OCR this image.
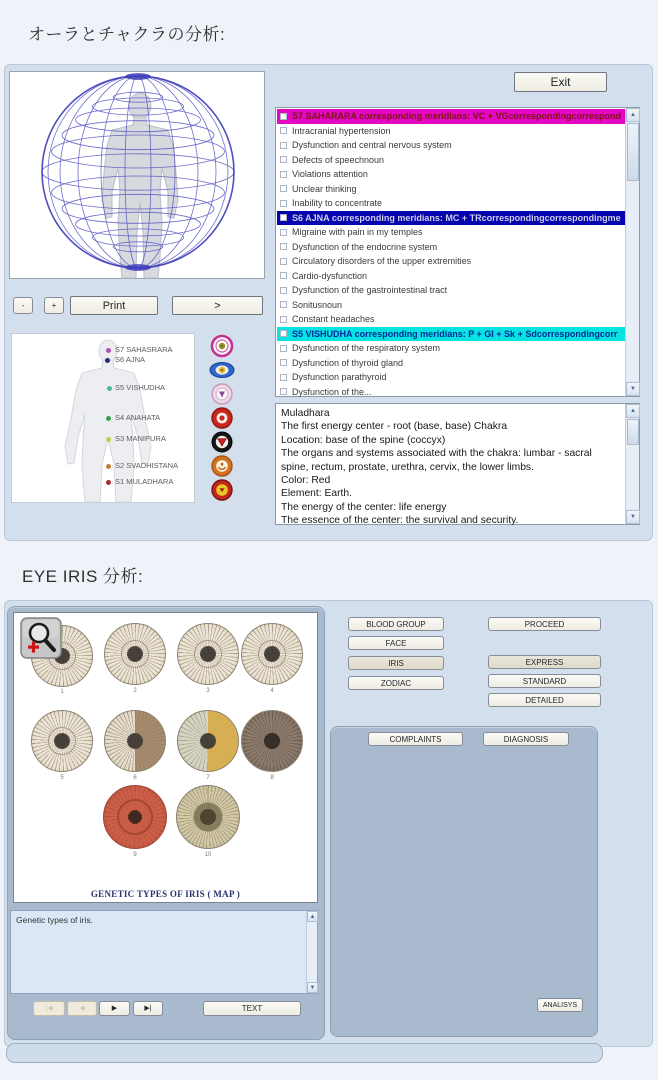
オーラとチャクラの分析:
Exit
-	+	Print	>
S7 SAHASRARA
S6 AJNA
S5 VISHUDHA
S4 ANAHATA
S3 MANIPURA
S2 SVADHISTANA
S1 MULADHARA
S7 SAHARARA corresponding meridians: VC + VGcorrespondingcorrespond
Intracranial hypertension
Dysfunction and central nervous system
Defects of speechnoun
Violations attention
Unclear thinking
Inability to concentrate
S6 AJNA corresponding meridians: MC + TRcorrespondingcorrespondingme
Migraine with pain in my temples
Dysfunction of the endocrine system
Circulatory disorders of the upper extremities
Cardio-dysfunction
Dysfunction of the gastrointestinal tract
Sonitusnoun
Constant headaches
S5 VISHUDHA corresponding meridians: P + GI + Sk + Sdcorrespondingcorr
Dysfunction of the respiratory system
Dysfunction of thyroid gland
Dysfunction parathyroid
Dysfunction of the...
▲
▼
Muladhara
The first energy center - root (base, base) Chakra
Location: base of the spine (coccyx)
The organs and systems associated with the chakra: lumbar - sacral spine, rectum, prostate, urethra, cervix, the lower limbs.
Color: Red
Element: Earth.
The energy of the center: life energy
The essence of the center: the survival and security.
▲
▼
EYE IRIS 分析:
1	2	3	4
5	6	7	8
9	10
GENETIC TYPES OF IRIS ( MAP )
Genetic types of iris.	▲
▼
|◀	◀	▶	▶|	TEXT
BLOOD GROUP
FACE
IRIS
ZODIAC
PROCEED
EXPRESS
STANDARD
DETAILED
COMPLAINTS	DIAGNOSIS
ANALISYS
